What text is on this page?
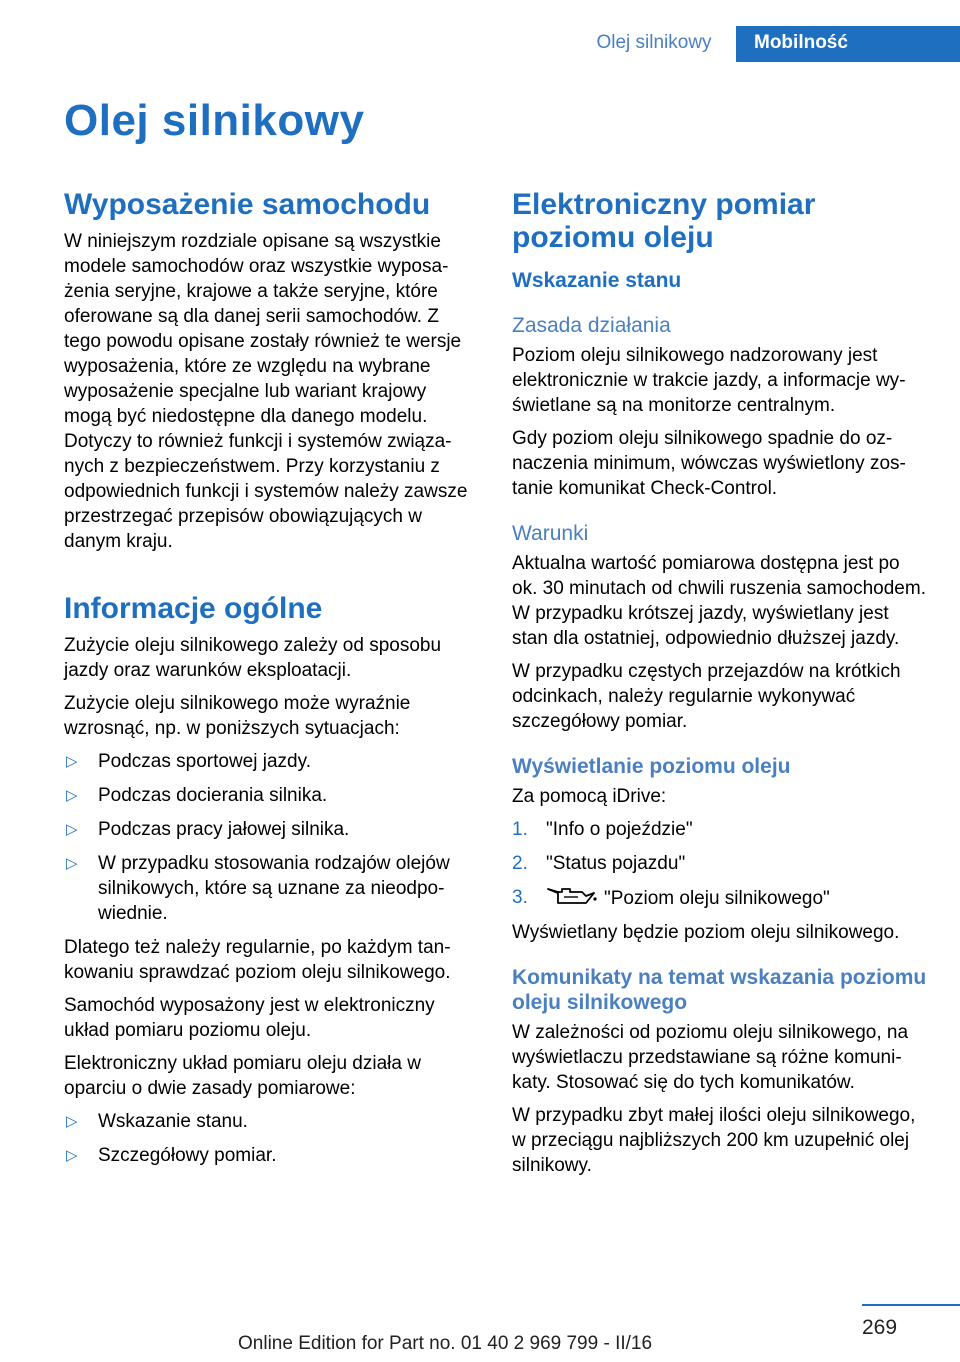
Olej silnikowy	Mobilność
Olej silnikowy
Wyposażenie samochodu

W niniejszym rozdziale opisane są wszystkie modele samochodów oraz wszystkie wyposażenia seryjne, krajowe a także seryjne, które oferowane są dla danej serii samochodów. Z tego powodu opisane zostały również te wersje wyposażenia, które ze względu na wybrane wyposażenie specjalne lub wariant krajowy mogą być niedostępne dla danego modelu. Dotyczy to również funkcji i systemów związanych z bezpieczeństwem. Przy korzystaniu z odpowiednich funkcji i systemów należy zawsze przestrzegać przepisów obowiązujących w danym kraju.

Informacje ogólne

Zużycie oleju silnikowego zależy od sposobu jazdy oraz warunków eksploatacji.

Zużycie oleju silnikowego może wyraźnie wzrosnąć, np. w poniższych sytuacjach:

▷ Podczas sportowej jazdy.
▷ Podczas docierania silnika.
▷ Podczas pracy jałowej silnika.
▷ W przypadku stosowania rodzajów olejów silnikowych, które są uznane za nieodpowiednie.

Dlatego też należy regularnie, po każdym tankowaniu sprawdzać poziom oleju silnikowego.

Samochód wyposażony jest w elektroniczny układ pomiaru poziomu oleju.

Elektroniczny układ pomiaru oleju działa w oparciu o dwie zasady pomiarowe:

▷ Wskazanie stanu.
▷ Szczegółowy pomiar.
Elektroniczny pomiar poziomu oleju
Wskazanie stanu
Zasada działania

Poziom oleju silnikowego nadzorowany jest elektronicznie w trakcie jazdy, a informacje wyświetlane są na monitorze centralnym.

Gdy poziom oleju silnikowego spadnie do oznaczenia minimum, wówczas wyświetlony zostanie komunikat Check-Control.

Warunki

Aktualna wartość pomiarowa dostępna jest po ok. 30 minutach od chwili ruszenia samochodem. W przypadku krótszej jazdy, wyświetlany jest stan dla ostatniej, odpowiednio dłuższej jazdy.

W przypadku częstych przejazdów na krótkich odcinkach, należy regularnie wykonywać szczegółowy pomiar.

Wyświetlanie poziomu oleju

Za pomocą iDrive:

1. "Info o pojeździe"
2. "Status pojazdu"
3.	"Poziom oleju silnikowego"

Wyświetlany będzie poziom oleju silnikowego.

Komunikaty na temat wskazania poziomu oleju silnikowego

W zależności od poziomu oleju silnikowego, na wyświetlaczu przedstawiane są różne komunikaty. Stosować się do tych komunikatów.

W przypadku zbyt małej ilości oleju silnikowego, w przeciągu najbliższych 200 km uzupełnić olej silnikowy.

269
Online Edition for Part no. 01 40 2 969 799 - II/16
